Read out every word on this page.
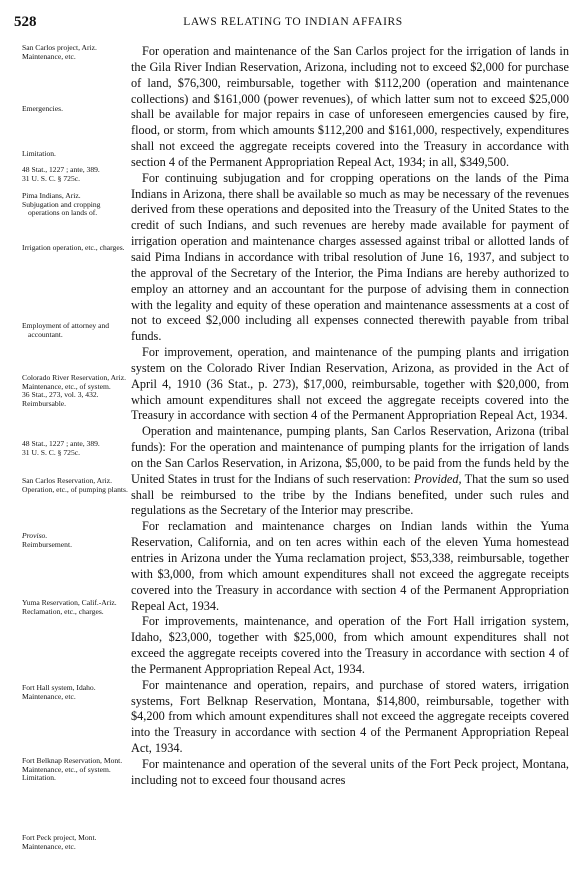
528	LAWS RELATING TO INDIAN AFFAIRS
San Carlos project, Ariz.
Maintenance, etc.
Emergencies.
Limitation.
48 Stat., 1227 ; ante, 389.
31 U. S. C. § 725c.
Pima Indians, Ariz.
Subjugation and cropping operations on lands of.
Irrigation operation, etc., charges.
Employment of attorney and accountant.
Colorado River Reservation, Ariz.
Maintenance, etc., of system.
36 Stat., 273, vol. 3, 432.
Reimbursable.
48 Stat., 1227 ; ante, 389.
31 U. S. C. § 725c.
San Carlos Reservation, Ariz.
Operation, etc., of pumping plants.
Proviso.
Reimbursement.
Yuma Reservation, Calif.-Ariz.
Reclamation, etc., charges.
Fort Hall system, Idaho.
Maintenance, etc.
Fort Belknap Reservation, Mont.
Maintenance, etc., of system.
Limitation.
Fort Peck project, Mont.
Maintenance, etc.

For operation and maintenance of the San Carlos project for the irrigation of lands in the Gila River Indian Reservation, Arizona, including not to exceed $2,000 for purchase of land, $76,300, reimbursable, together with $112,200 (operation and maintenance collections) and $161,000 (power revenues), of which latter sum not to exceed $25,000 shall be available for major repairs in case of unforeseen emergencies caused by fire, flood, or storm, from which amounts $112,200 and $161,000, respectively, expenditures shall not exceed the aggregate receipts covered into the Treasury in accordance with section 4 of the Permanent Appropriation Repeal Act, 1934; in all, $349,500.

For continuing subjugation and for cropping operations on the lands of the Pima Indians in Arizona, there shall be available so much as may be necessary of the revenues derived from these operations and deposited into the Treasury of the United States to the credit of such Indians, and such revenues are hereby made available for payment of irrigation operation and maintenance charges assessed against tribal or allotted lands of said Pima Indians in accordance with tribal resolution of June 16, 1937, and subject to the approval of the Secretary of the Interior, the Pima Indians are hereby authorized to employ an attorney and an accountant for the purpose of advising them in connection with the legality and equity of these operation and maintenance assessments at a cost of not to exceed $2,000 including all expenses connected therewith payable from tribal funds.

For improvement, operation, and maintenance of the pumping plants and irrigation system on the Colorado River Indian Reservation, Arizona, as provided in the Act of April 4, 1910 (36 Stat., p. 273), $17,000, reimbursable, together with $20,000, from which amount expenditures shall not exceed the aggregate receipts covered into the Treasury in accordance with section 4 of the Permanent Appropriation Repeal Act, 1934.

Operation and maintenance, pumping plants, San Carlos Reservation, Arizona (tribal funds): For the operation and maintenance of pumping plants for the irrigation of lands on the San Carlos Reservation, in Arizona, $5,000, to be paid from the funds held by the United States in trust for the Indians of such reservation: Provided, That the sum so used shall be reimbursed to the tribe by the Indians benefited, under such rules and regulations as the Secretary of the Interior may prescribe.

For reclamation and maintenance charges on Indian lands within the Yuma Reservation, California, and on ten acres within each of the eleven Yuma homestead entries in Arizona under the Yuma reclamation project, $53,338, reimbursable, together with $3,000, from which amount expenditures shall not exceed the aggregate receipts covered into the Treasury in accordance with section 4 of the Permanent Appropriation Repeal Act, 1934.

For improvements, maintenance, and operation of the Fort Hall irrigation system, Idaho, $23,000, together with $25,000, from which amount expenditures shall not exceed the aggregate receipts covered into the Treasury in accordance with section 4 of the Permanent Appropriation Repeal Act, 1934.

For maintenance and operation, repairs, and purchase of stored waters, irrigation systems, Fort Belknap Reservation, Montana, $14,800, reimbursable, together with $4,200 from which amount expenditures shall not exceed the aggregate receipts covered into the Treasury in accordance with section 4 of the Permanent Appropriation Repeal Act, 1934.

For maintenance and operation of the several units of the Fort Peck project, Montana, including not to exceed four thousand acres
